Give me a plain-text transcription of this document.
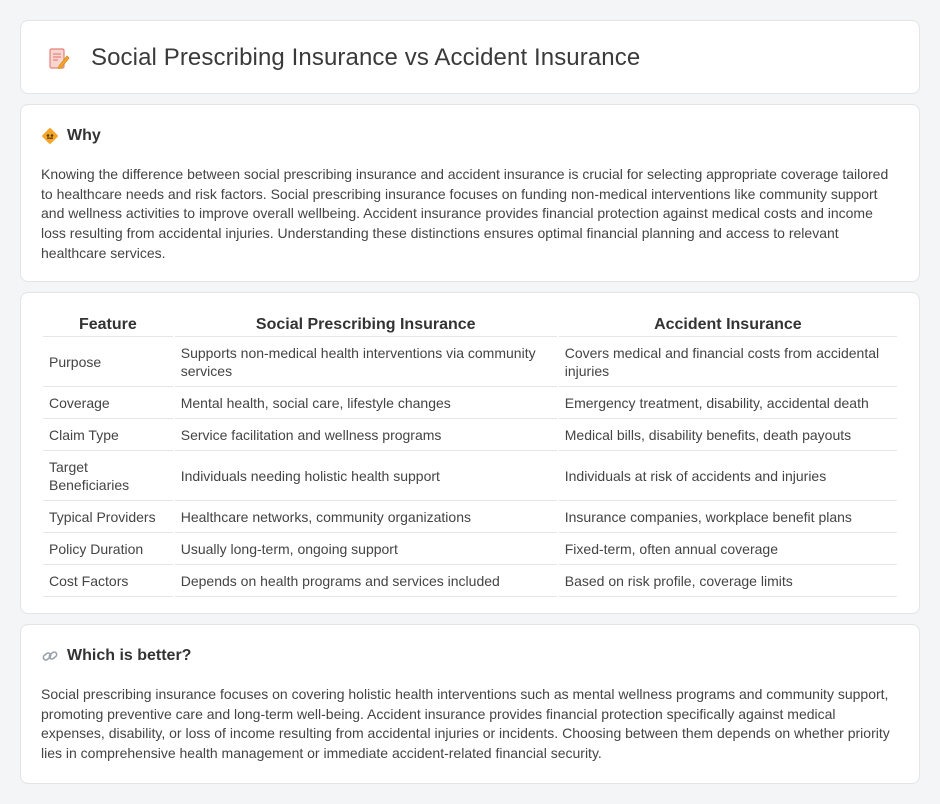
Social Prescribing Insurance vs Accident Insurance
Why

Knowing the difference between social prescribing insurance and accident insurance is crucial for selecting appropriate coverage tailored to healthcare needs and risk factors. Social prescribing insurance focuses on funding non-medical interventions like community support and wellness activities to improve overall wellbeing. Accident insurance provides financial protection against medical costs and income loss resulting from accidental injuries. Understanding these distinctions ensures optimal financial planning and access to relevant healthcare services.

Feature	Social Prescribing Insurance	Accident Insurance
Purpose	Supports non-medical health interventions via community services	Covers medical and financial costs from accidental injuries
Coverage	Mental health, social care, lifestyle changes	Emergency treatment, disability, accidental death
Claim Type	Service facilitation and wellness programs	Medical bills, disability benefits, death payouts
Target Beneficiaries	Individuals needing holistic health support	Individuals at risk of accidents and injuries
Typical Providers	Healthcare networks, community organizations	Insurance companies, workplace benefit plans
Policy Duration	Usually long-term, ongoing support	Fixed-term, often annual coverage
Cost Factors	Depends on health programs and services included	Based on risk profile, coverage limits
Which is better?

Social prescribing insurance focuses on covering holistic health interventions such as mental wellness programs and community support, promoting preventive care and long-term well-being. Accident insurance provides financial protection specifically against medical expenses, disability, or loss of income resulting from accidental injuries or incidents. Choosing between them depends on whether priority lies in comprehensive health management or immediate accident-related financial security.
